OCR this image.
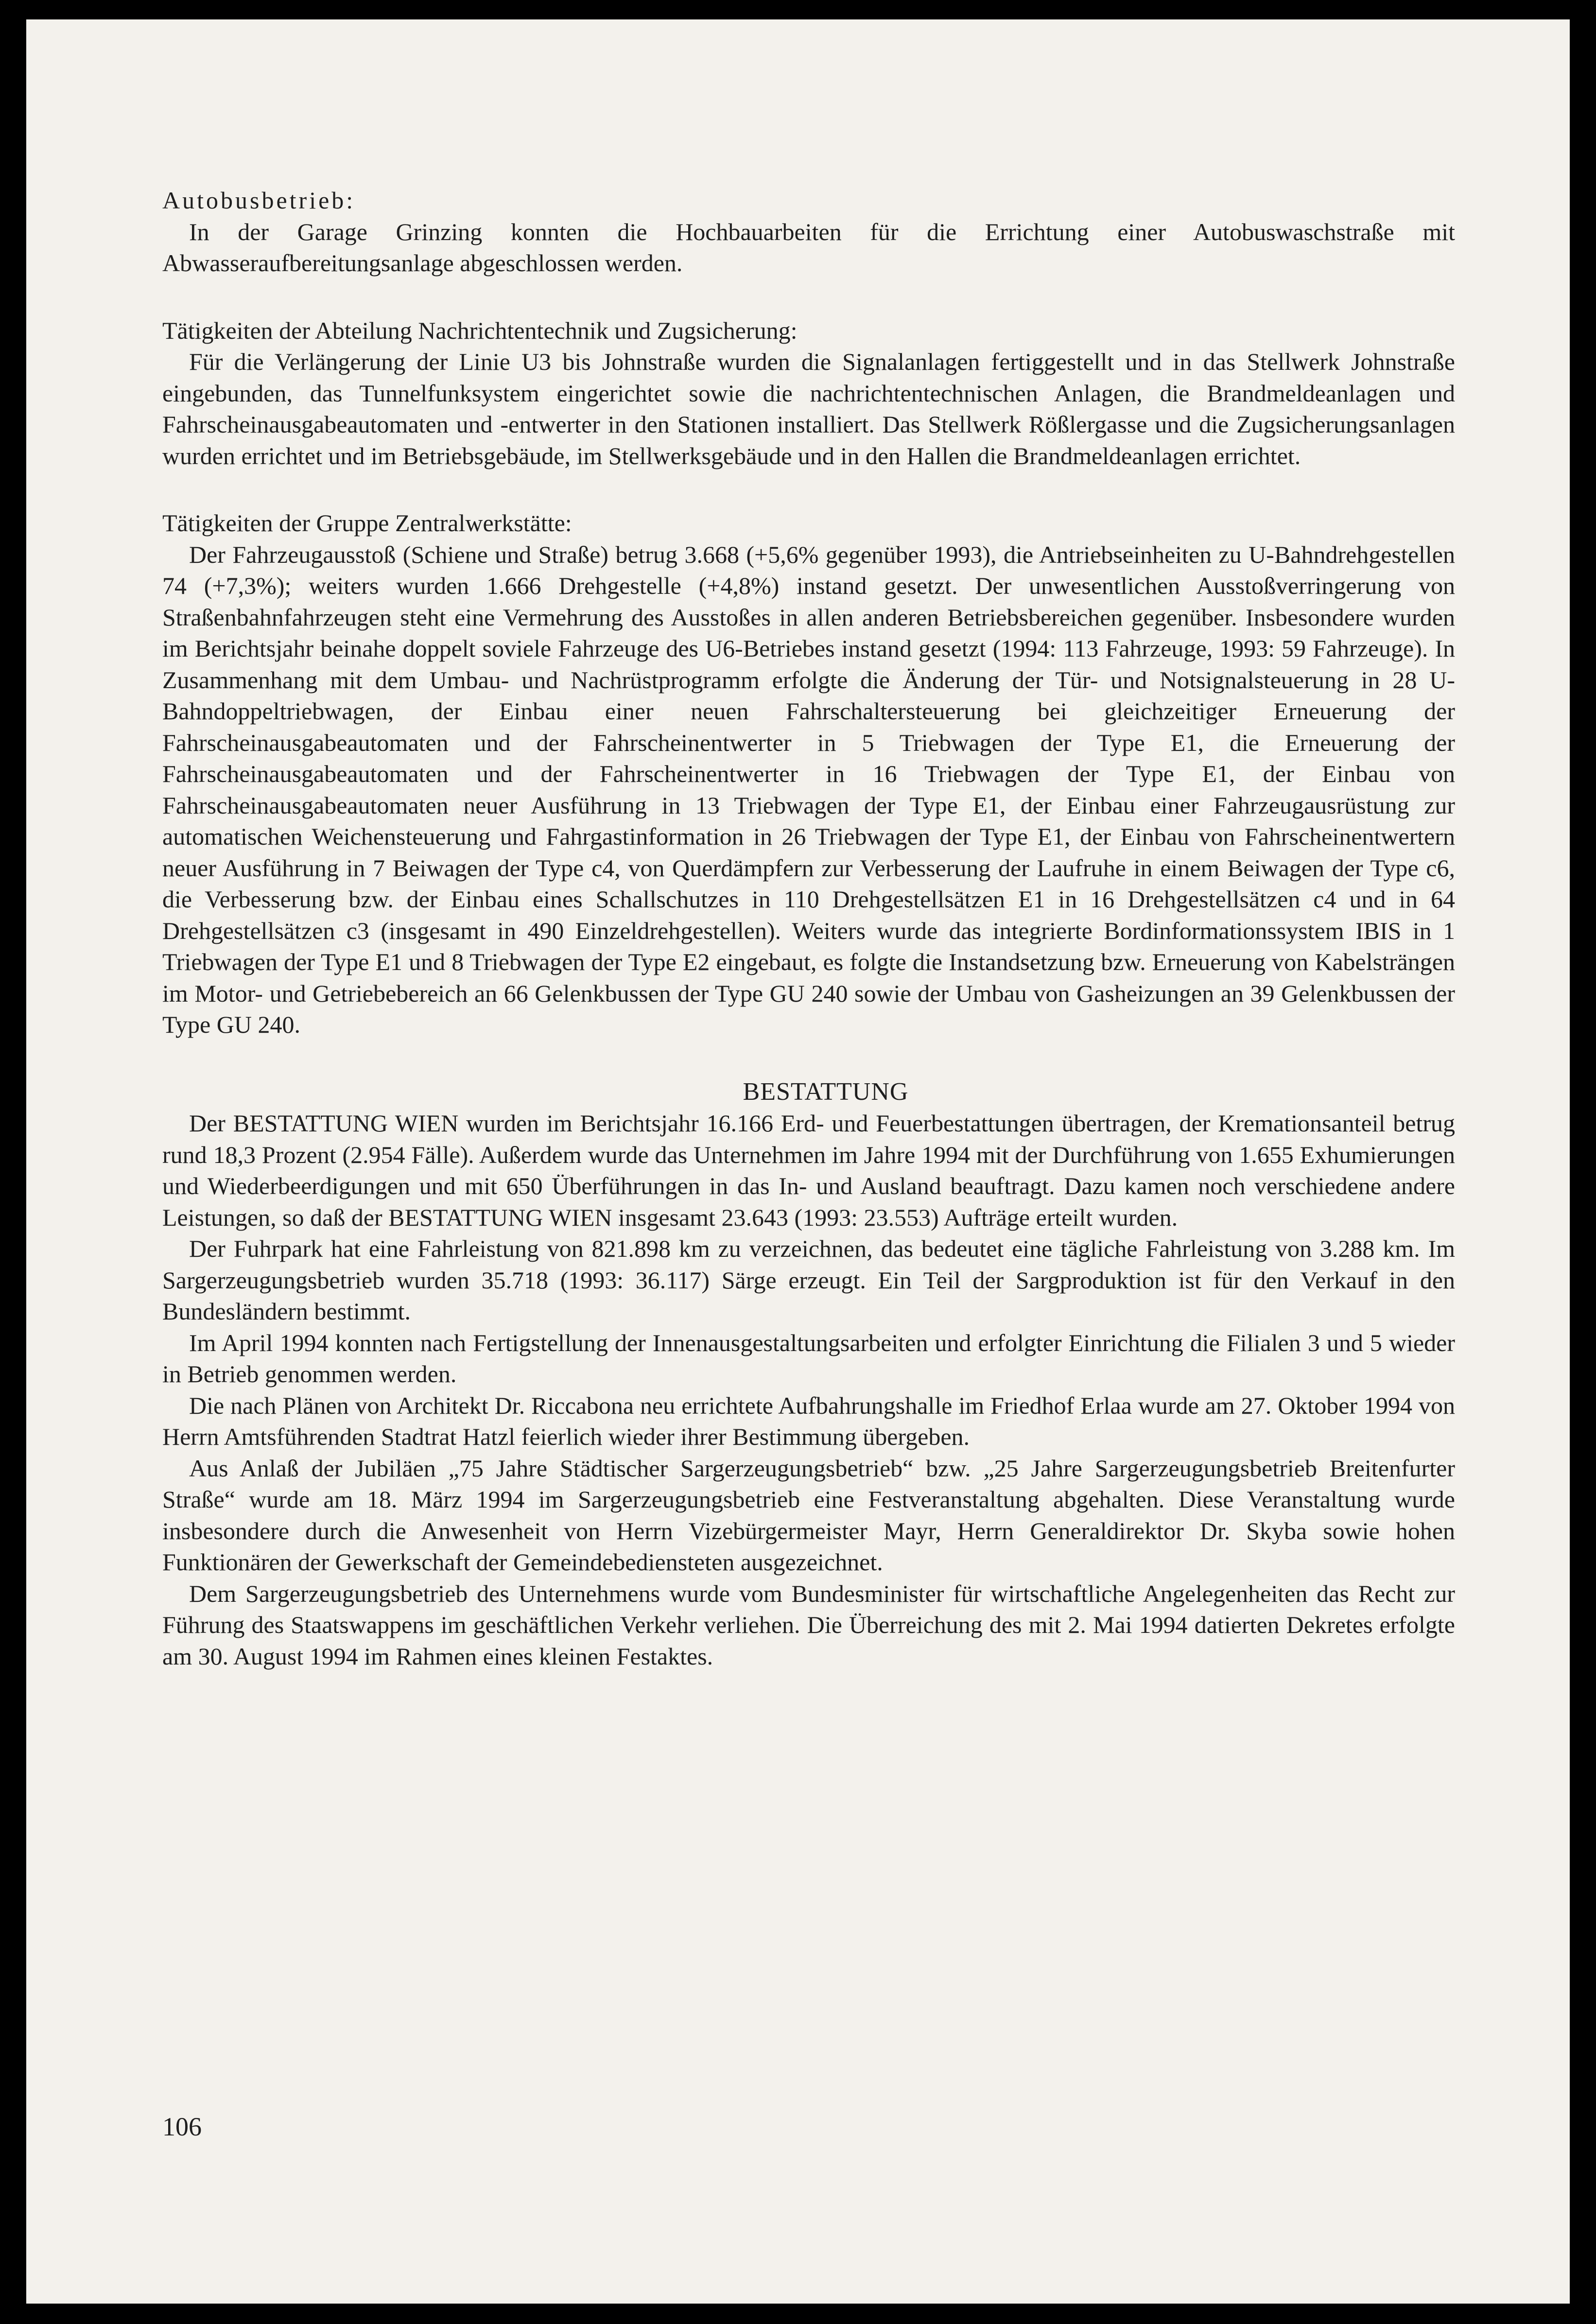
Autobusbetrieb:

In der Garage Grinzing konnten die Hochbauarbeiten für die Errichtung einer Autobuswaschstraße mit Abwasseraufbereitungsanlage abgeschlossen werden.

Tätigkeiten der Abteilung Nachrichtentechnik und Zugsicherung:

Für die Verlängerung der Linie U3 bis Johnstraße wurden die Signalanlagen fertiggestellt und in das Stellwerk Johnstraße eingebunden, das Tunnelfunksystem eingerichtet sowie die nachrichtentechnischen Anlagen, die Brandmeldeanlagen und Fahrscheinausgabeautomaten und -entwerter in den Stationen installiert. Das Stellwerk Rößlergasse und die Zugsicherungsanlagen wurden errichtet und im Betriebsgebäude, im Stellwerksgebäude und in den Hallen die Brandmeldeanlagen errichtet.

Tätigkeiten der Gruppe Zentralwerkstätte:

Der Fahrzeugausstoß (Schiene und Straße) betrug 3.668 (+5,6% gegenüber 1993), die Antriebseinheiten zu U-Bahndrehgestellen 74 (+7,3%); weiters wurden 1.666 Drehgestelle (+4,8%) instand gesetzt. Der unwesentlichen Ausstoßverringerung von Straßenbahnfahrzeugen steht eine Vermehrung des Ausstoßes in allen anderen Betriebsbereichen gegenüber. Insbesondere wurden im Berichtsjahr beinahe doppelt soviele Fahrzeuge des U6-Betriebes instand gesetzt (1994: 113 Fahrzeuge, 1993: 59 Fahrzeuge). In Zusammenhang mit dem Umbau- und Nachrüstprogramm erfolgte die Änderung der Tür- und Notsignalsteuerung in 28 U-Bahndoppeltriebwagen, der Einbau einer neuen Fahrschaltersteuerung bei gleichzeitiger Erneuerung der Fahrscheinausgabeautomaten und der Fahrscheinentwerter in 5 Triebwagen der Type E1, die Erneuerung der Fahrscheinausgabeautomaten und der Fahrscheinentwerter in 16 Triebwagen der Type E1, der Einbau von Fahrscheinausgabeautomaten neuer Ausführung in 13 Triebwagen der Type E1, der Einbau einer Fahrzeugausrüstung zur automatischen Weichensteuerung und Fahrgastinformation in 26 Triebwagen der Type E1, der Einbau von Fahrscheinentwertern neuer Ausführung in 7 Beiwagen der Type c4, von Querdämpfern zur Verbesserung der Laufruhe in einem Beiwagen der Type c6, die Verbesserung bzw. der Einbau eines Schallschutzes in 110 Drehgestellsätzen E1 in 16 Drehgestellsätzen c4 und in 64 Drehgestellsätzen c3 (insgesamt in 490 Einzeldrehgestellen). Weiters wurde das integrierte Bordinformationssystem IBIS in 1 Triebwagen der Type E1 und 8 Triebwagen der Type E2 eingebaut, es folgte die Instandsetzung bzw. Erneuerung von Kabelsträngen im Motor- und Getriebebereich an 66 Gelenkbussen der Type GU 240 sowie der Umbau von Gasheizungen an 39 Gelenkbussen der Type GU 240.

BESTATTUNG

Der BESTATTUNG WIEN wurden im Berichtsjahr 16.166 Erd- und Feuerbestattungen übertragen, der Kremationsanteil betrug rund 18,3 Prozent (2.954 Fälle). Außerdem wurde das Unternehmen im Jahre 1994 mit der Durchführung von 1.655 Exhumierungen und Wiederbeerdigungen und mit 650 Überführungen in das In- und Ausland beauftragt. Dazu kamen noch verschiedene andere Leistungen, so daß der BESTATTUNG WIEN insgesamt 23.643 (1993: 23.553) Aufträge erteilt wurden.

Der Fuhrpark hat eine Fahrleistung von 821.898 km zu verzeichnen, das bedeutet eine tägliche Fahrleistung von 3.288 km. Im Sargerzeugungsbetrieb wurden 35.718 (1993: 36.117) Särge erzeugt. Ein Teil der Sargproduktion ist für den Verkauf in den Bundesländern bestimmt.

Im April 1994 konnten nach Fertigstellung der Innenausgestaltungsarbeiten und erfolgter Einrichtung die Filialen 3 und 5 wieder in Betrieb genommen werden.

Die nach Plänen von Architekt Dr. Riccabona neu errichtete Aufbahrungshalle im Friedhof Erlaa wurde am 27. Oktober 1994 von Herrn Amtsführenden Stadtrat Hatzl feierlich wieder ihrer Bestimmung übergeben.

Aus Anlaß der Jubiläen „75 Jahre Städtischer Sargerzeugungsbetrieb“ bzw. „25 Jahre Sargerzeugungsbetrieb Breitenfurter Straße“ wurde am 18. März 1994 im Sargerzeugungsbetrieb eine Festveranstaltung abgehalten. Diese Veranstaltung wurde insbesondere durch die Anwesenheit von Herrn Vizebürgermeister Mayr, Herrn Generaldirektor Dr. Skyba sowie hohen Funktionären der Gewerkschaft der Gemeindebediensteten ausgezeichnet.

Dem Sargerzeugungsbetrieb des Unternehmens wurde vom Bundesminister für wirtschaftliche Angelegenheiten das Recht zur Führung des Staatswappens im geschäftlichen Verkehr verliehen. Die Überreichung des mit 2. Mai 1994 datierten Dekretes erfolgte am 30. August 1994 im Rahmen eines kleinen Festaktes.

106
